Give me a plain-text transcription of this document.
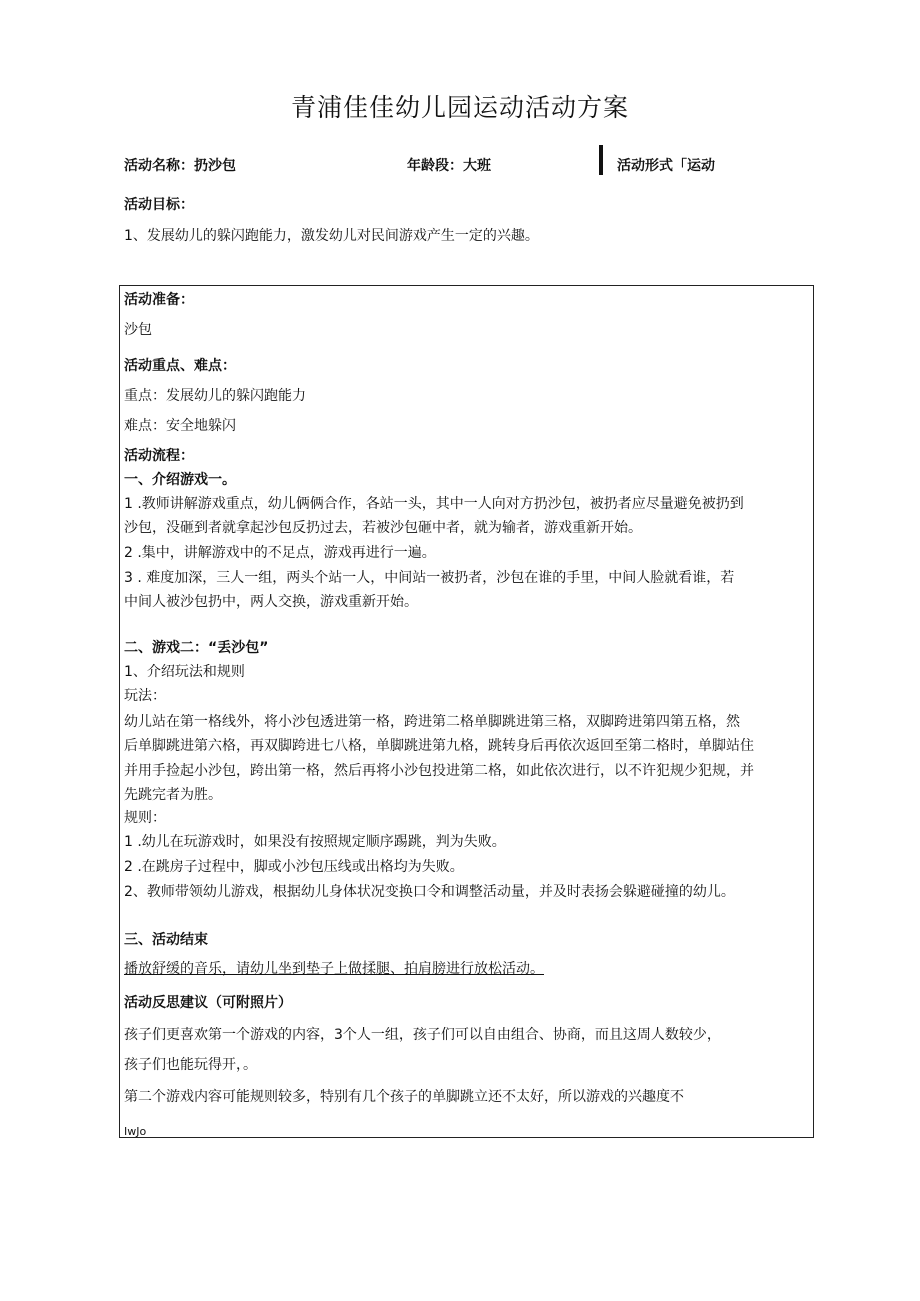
青浦佳佳幼儿园运动活动方案
活动名称：扔沙包	年龄段：大班	活动形式「运动
活动目标：
1、发展幼儿的躲闪跑能力，激发幼儿对民间游戏产生一定的兴趣。
活动准备：
沙包
活动重点、难点：
重点：发展幼儿的躲闪跑能力
难点：安全地躲闪
活动流程：
一、介绍游戏一。
1 .教师讲解游戏重点，幼儿俩俩合作，各站一头，其中一人向对方扔沙包，被扔者应尽量避免被扔到
沙包，没砸到者就拿起沙包反扔过去，若被沙包砸中者，就为输者，游戏重新开始。
2 .集中，讲解游戏中的不足点，游戏再进行一遍。
3 . 难度加深，三人一组，两头个站一人，中间站一被扔者，沙包在谁的手里，中间人脸就看谁，若
中间人被沙包扔中，两人交换，游戏重新开始。
二、游戏二：“丢沙包”
1、介绍玩法和规则
玩法：
幼儿站在第一格线外，将小沙包透进第一格，跨进第二格单脚跳进第三格，双脚跨进第四第五格，然
后单脚跳进第六格，再双脚跨进七八格，单脚跳进第九格，跳转身后再依次返回至第二格时，单脚站住
并用手捡起小沙包，跨出第一格，然后再将小沙包投进第二格，如此依次进行，以不许犯规少犯规，并
先跳完者为胜。
规则：
1 .幼儿在玩游戏时，如果没有按照规定顺序踢跳，判为失败。
2 .在跳房子过程中，脚或小沙包压线或出格均为失败。
2、教师带领幼儿游戏，根据幼儿身体状况变换口令和调整活动量，并及时表扬会躲避碰撞的幼儿。
三、活动结束
播放舒缓的音乐，请幼儿坐到垫子上做揉腿、拍肩膀进行放松活动。
活动反思建议（可附照片）
孩子们更喜欢第一个游戏的内容，3个人一组，孩子们可以自由组合、协商，而且这周人数较少，
孩子们也能玩得开，。
第二个游戏内容可能规则较多，特别有几个孩子的单脚跳立还不太好，所以游戏的兴趣度不
IwJo
